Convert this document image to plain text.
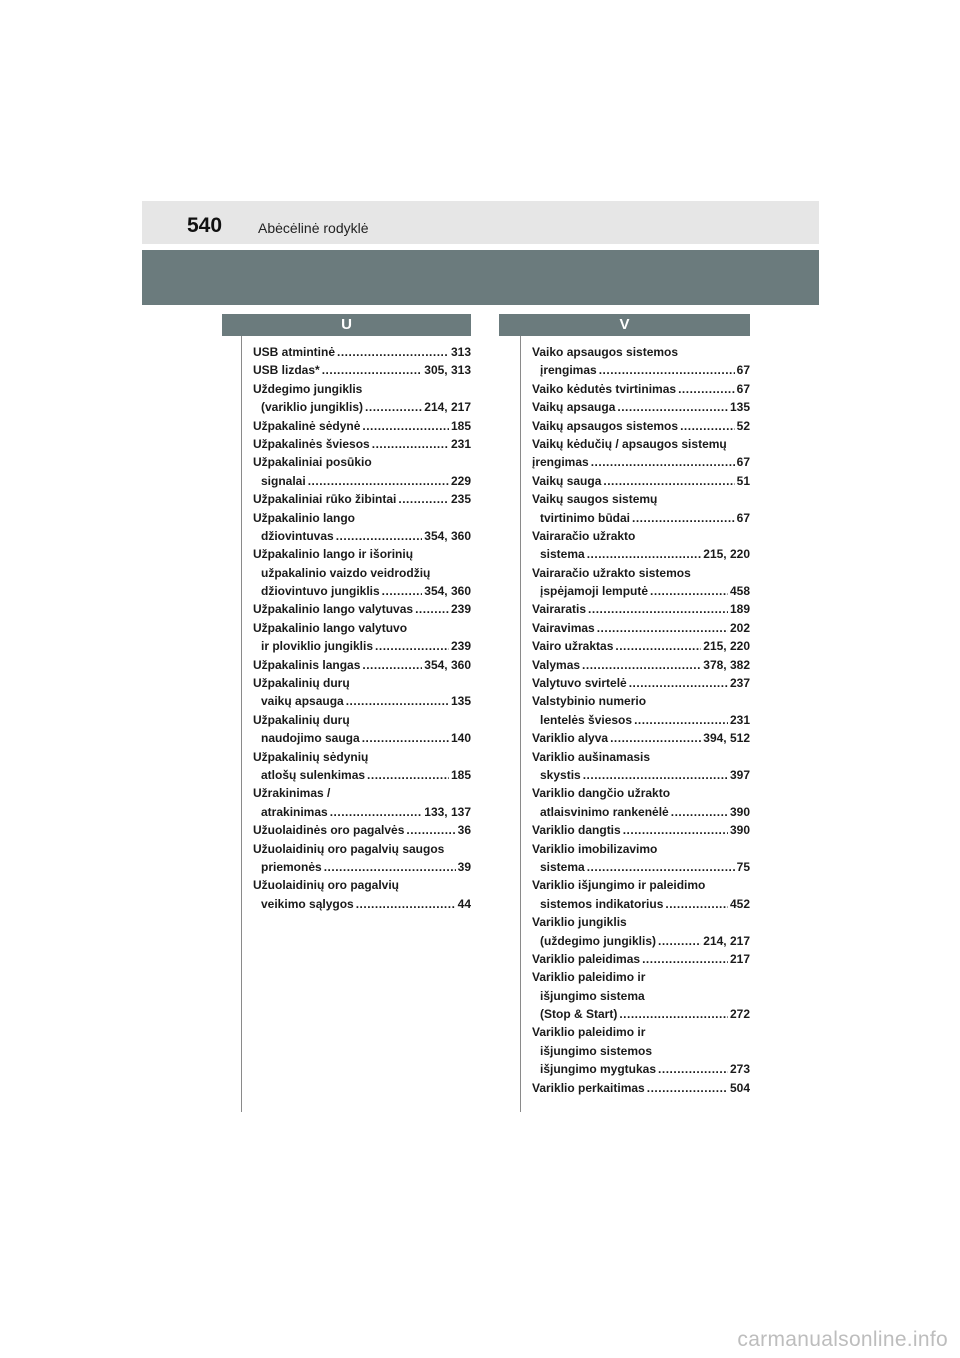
540	Abėcėlinė rodyklė
U	V
USB atmintinė .....	313
USB lizdas* .....	305, 313
Uždegimo jungiklis
(variklio jungiklis) .....	214, 217
Užpakalinė sėdynė .....	185
Užpakalinės šviesos .....	231
Užpakaliniai posūkio
signalai .....	229
Užpakaliniai rūko žibintai .....	235
Užpakalinio lango
džiovintuvas .....	354, 360
Užpakalinio lango ir išorinių
užpakalinio vaizdo veidrodžių
džiovintuvo jungiklis .....	354, 360
Užpakalinio lango valytuvas .....	239
Užpakalinio lango valytuvo
ir ploviklio jungiklis .....	239
Užpakalinis langas .....	354, 360
Užpakalinių durų
vaikų apsauga .....	135
Užpakalinių durų
naudojimo sauga .....	140
Užpakalinių sėdynių
atlošų sulenkimas .....	185
Užrakinimas /
atrakinimas .....	133, 137
Užuolaidinės oro pagalvės .....	36
Užuolaidinių oro pagalvių saugos
priemonės .....	39
Užuolaidinių oro pagalvių
veikimo sąlygos .....	44
Vaiko apsaugos sistemos
įrengimas .....	67
Vaiko kėdutės tvirtinimas .....	67
Vaikų apsauga .....	135
Vaikų apsaugos sistemos .....	52
Vaikų kėdučių / apsaugos sistemų
įrengimas .....	67
Vaikų sauga .....	51
Vaikų saugos sistemų
tvirtinimo būdai .....	67
Vairaračio užrakto
sistema .....	215, 220
Vairaračio užrakto sistemos
įspėjamoji lemputė .....	458
Vairaratis .....	189
Vairavimas .....	202
Vairo užraktas .....	215, 220
Valymas .....	378, 382
Valytuvo svirtelė .....	237
Valstybinio numerio
lentelės šviesos .....	231
Variklio alyva .....	394, 512
Variklio aušinamasis
skystis .....	397
Variklio dangčio užrakto
atlaisvinimo rankenėlė .....	390
Variklio dangtis .....	390
Variklio imobilizavimo
sistema .....	75
Variklio išjungimo ir paleidimo
sistemos indikatorius .....	452
Variklio jungiklis
(uždegimo jungiklis) .....	214, 217
Variklio paleidimas .....	217
Variklio paleidimo ir
išjungimo sistema
(Stop & Start) .....	272
Variklio paleidimo ir
išjungimo sistemos
išjungimo mygtukas .....	273
Variklio perkaitimas .....	504
carmanualsonline.info
